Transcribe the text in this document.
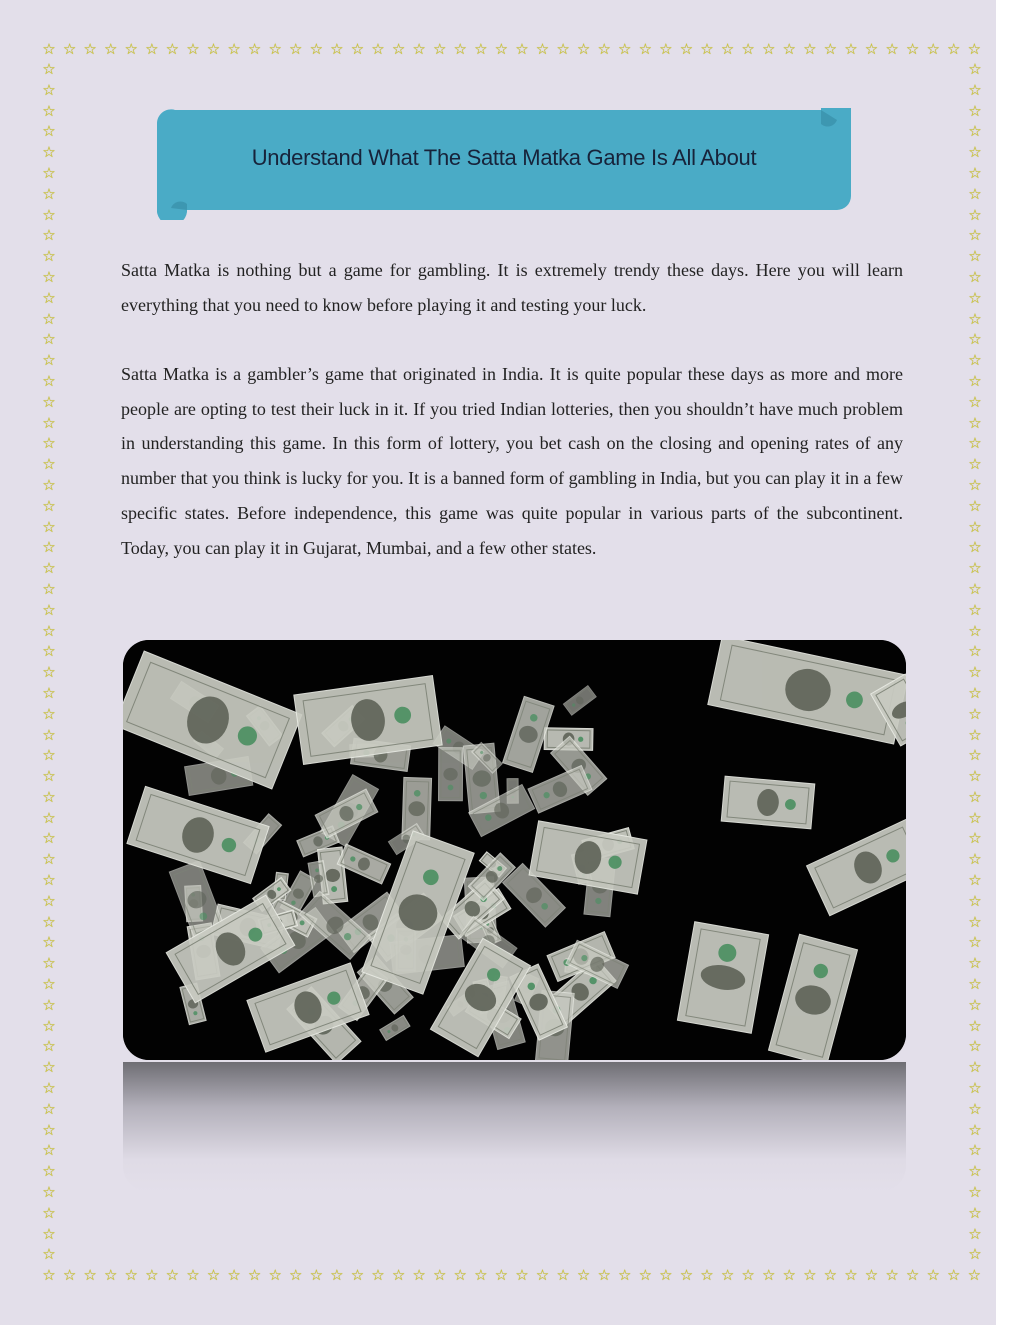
☆ ☆ ☆ ☆ ☆ ☆ ☆ ☆ ☆ ☆ ☆ ☆ ☆ ☆ ☆ ☆ ☆ ☆ ☆ ☆ ☆ ☆ ☆ ☆ ☆ ☆ ☆ ☆ ☆ ☆ ☆ ☆ ☆ ☆ ☆ ☆ ☆ ☆ ☆ ☆ ☆ ☆ ☆ ☆ ☆ ☆
☆ ☆ ☆ ☆ ☆ ☆ ☆ ☆ ☆ ☆ ☆ ☆ ☆ ☆ ☆ ☆ ☆ ☆ ☆ ☆ ☆ ☆ ☆ ☆ ☆ ☆ ☆ ☆ ☆ ☆ ☆ ☆ ☆ ☆ ☆ ☆ ☆ ☆ ☆ ☆ ☆ ☆ ☆ ☆ ☆ ☆
☆
☆
☆
☆
☆
☆
☆
☆
☆
☆
☆
☆
☆
☆
☆
☆
☆
☆
☆
☆
☆
☆
☆
☆
☆
☆
☆
☆
☆
☆
☆
☆
☆
☆
☆
☆
☆
☆
☆
☆
☆
☆
☆
☆
☆
☆
☆
☆
☆
☆
☆
☆
☆
☆
☆
☆
☆
☆
☆
☆
☆
☆
☆
☆
☆
☆
☆
☆
☆
☆
☆
☆
☆
☆
☆
☆
☆
☆
☆
☆
☆
☆
☆
☆
☆
☆
☆
☆
☆
☆
☆
☆
☆
☆
☆
☆
☆
☆
☆
☆
☆
☆
☆
☆
☆
☆
☆
☆
☆
☆
☆
☆
☆
☆
☆
☆
Understand What The Satta Matka Game Is All About

Satta Matka is nothing but a game for gambling. It is extremely trendy these days. Here you will learn everything that you need to know before playing it and testing your luck.

Satta Matka is a gambler’s game that originated in India. It is quite popular these days as more and more people are opting to test their luck in it. If you tried Indian lotteries, then you shouldn’t have much problem in understanding this game. In this form of lottery, you bet cash on the closing and opening rates of any number that you think is lucky for you. It is a banned form of gambling in India, but you can play it in a few specific states. Before independence, this game was quite popular in various parts of the subcontinent. Today, you can play it in Gujarat, Mumbai, and a few other states.
